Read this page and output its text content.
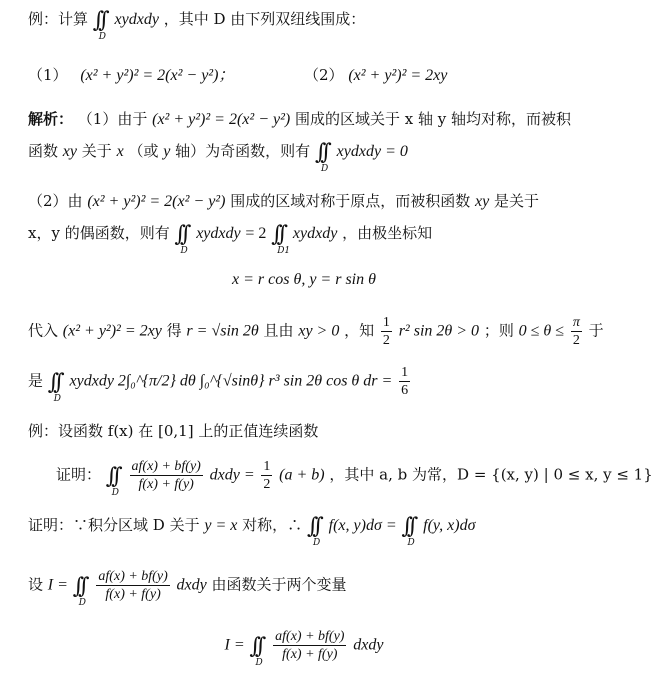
例：计算 ∫∫
D
xydxdy ，其中 D 由下列双纽线围成：
（1） (x² + y²)² = 2(x² − y²)；	（2） (x² + y²)² = 2xy
解析： （1）由于 (x² + y²)² = 2(x² − y²) 围成的区域关于 x 轴 y 轴均对称，而被积
函数 xy 关于 x （或 y 轴）为奇函数，则有 ∫∫
D
xydxdy = 0
（2）由 (x² + y²)² = 2(x² − y²) 围成的区域对称于原点，而被积函数 xy 是关于
x，y 的偶函数，则有 ∫∫
D
xydxdy = 2 ∫∫
D1
xydxdy ，由极坐标知
x = r cos θ, y = r sin θ
代入 (x² + y²)² = 2xy 得 r = √sin 2θ 且由 xy > 0 ，知 $\frac{1}{2} r^2$ sin 2θ > 0 ；则 $0 \le \theta \le \frac{\pi}{2}$ 于
是 ∫∫
D
xydxdy 2∫₀^{π/2} dθ ∫₀^{√sinθ} r³ sin 2θ cos θ dr = $\frac{1}{6}$
例：设函数 f(x) 在 [0,1] 上的正值连续函数
证明： ∫∫
D
$\frac{af(x) + bf(y)}{f(x) + f(y)}$ dxdy = $\frac{1}{2} (a + b)$ ，其中 a, b 为常，D = {(x, y) | 0 ≤ x, y ≤ 1}
证明：∵积分区域 D 关于 y = x 对称，∴ ∫∫
D
f(x, y)dσ = ∫∫
D
f(y, x)dσ
设 I = ∫∫
D
$\frac{af(x) + bf(y)}{f(x) + f(y)}$ dxdy 由函数关于两个变量
I = ∫∫
D
$\frac{af(x) + bf(y)}{f(x) + f(y)}$ dxdy
